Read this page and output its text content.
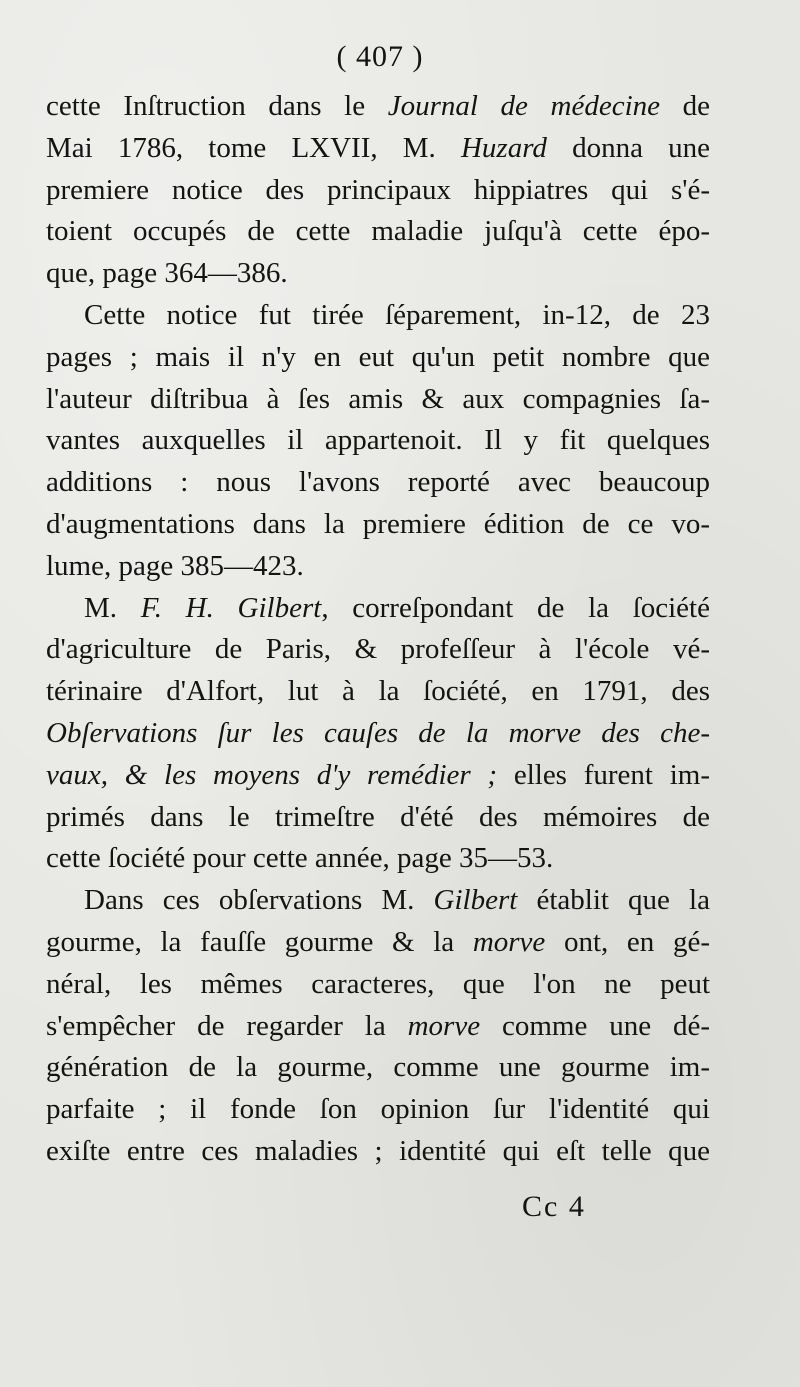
( 407 )
cette Inſtruction dans le Journal de médecine de
Mai 1786, tome LXVII, M. Huzard donna une
premiere notice des principaux hippiatres qui s'é-
toient occupés de cette maladie juſqu'à cette épo-
que, page 364—386.
Cette notice fut tirée ſéparement, in-12, de 23
pages ; mais il n'y en eut qu'un petit nombre que
l'auteur diſtribua à ſes amis & aux compagnies ſa-
vantes auxquelles il appartenoit. Il y fit quelques
additions : nous l'avons reporté avec beaucoup
d'augmentations dans la premiere édition de ce vo-
lume, page 385—423.
M. F. H. Gilbert, correſpondant de la ſociété
d'agriculture de Paris, & profeſſeur à l'école vé-
térinaire d'Alfort, lut à la ſociété, en 1791, des
Obſervations ſur les cauſes de la morve des che-
vaux, & les moyens d'y remédier ; elles furent im-
primés dans le trimeſtre d'été des mémoires de
cette ſociété pour cette année, page 35—53.
Dans ces obſervations M. Gilbert établit que la
gourme, la fauſſe gourme & la morve ont, en gé-
néral, les mêmes caracteres, que l'on ne peut
s'empêcher de regarder la morve comme une dé-
génération de la gourme, comme une gourme im-
parfaite ; il fonde ſon opinion ſur l'identité qui
exiſte entre ces maladies ; identité qui eſt telle que
Cc 4
